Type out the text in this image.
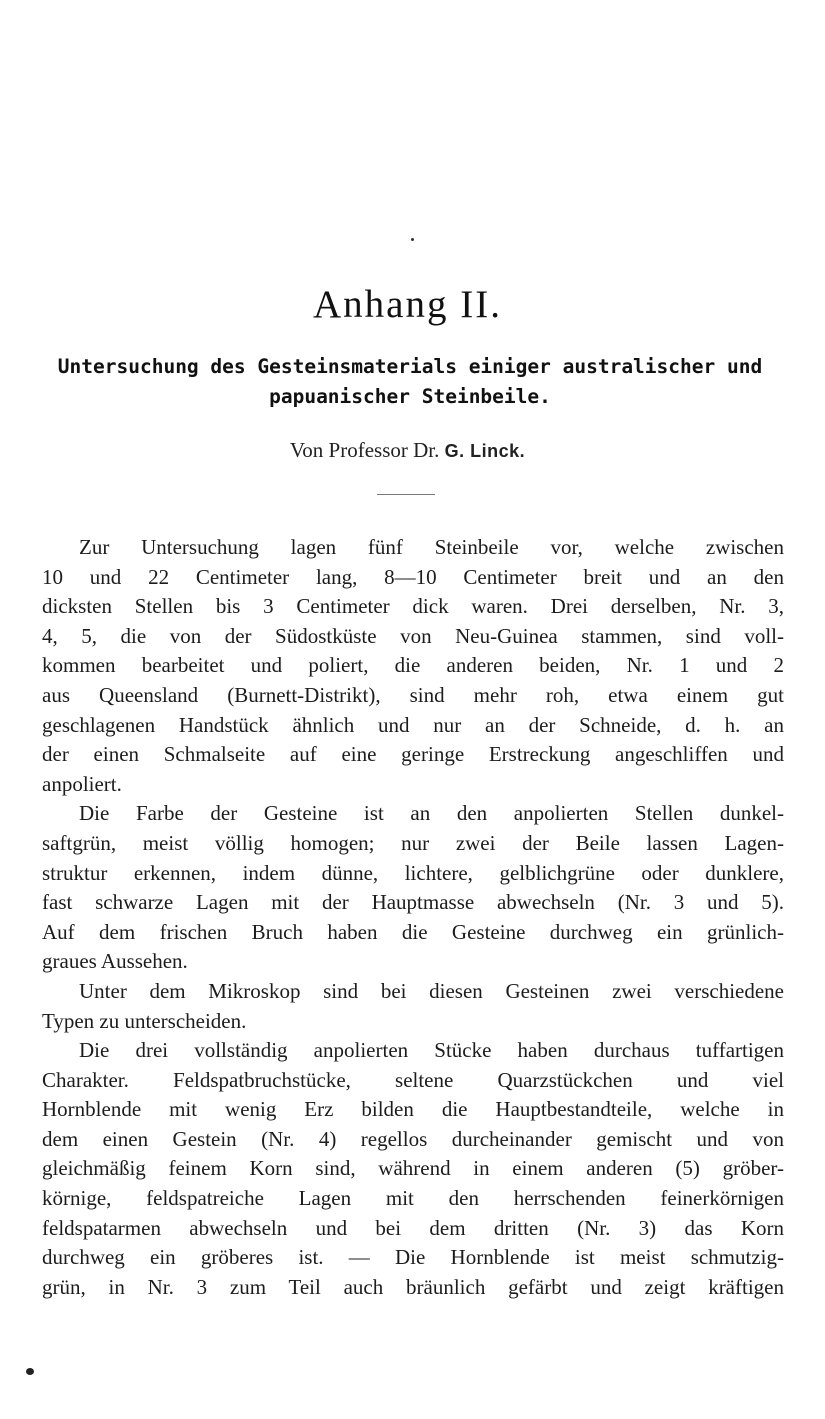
Anhang II.
Untersuchung des Gesteinsmaterials einiger australischer und
papuanischer Steinbeile.
Von Professor Dr. G. Linck.
Zur Untersuchung lagen fünf Steinbeile vor, welche zwischen
10 und 22 Centimeter lang, 8—10 Centimeter breit und an den
dicksten Stellen bis 3 Centimeter dick waren. Drei derselben, Nr. 3,
4, 5, die von der Südostküste von Neu-Guinea stammen, sind voll-
kommen bearbeitet und poliert, die anderen beiden, Nr. 1 und 2
aus Queensland (Burnett-Distrikt), sind mehr roh, etwa einem gut
geschlagenen Handstück ähnlich und nur an der Schneide, d. h. an
der einen Schmalseite auf eine geringe Erstreckung angeschliffen und
anpoliert.
Die Farbe der Gesteine ist an den anpolierten Stellen dunkel-
saftgrün, meist völlig homogen; nur zwei der Beile lassen Lagen-
struktur erkennen, indem dünne, lichtere, gelblichgrüne oder dunklere,
fast schwarze Lagen mit der Hauptmasse abwechseln (Nr. 3 und 5).
Auf dem frischen Bruch haben die Gesteine durchweg ein grünlich-
graues Aussehen.
Unter dem Mikroskop sind bei diesen Gesteinen zwei verschiedene
Typen zu unterscheiden.
Die drei vollständig anpolierten Stücke haben durchaus tuffartigen
Charakter. Feldspatbruchstücke, seltene Quarzstückchen und viel
Hornblende mit wenig Erz bilden die Hauptbestandteile, welche in
dem einen Gestein (Nr. 4) regellos durcheinander gemischt und von
gleichmäßig feinem Korn sind, während in einem anderen (5) gröber-
körnige, feldspatreiche Lagen mit den herrschenden feinerkörnigen
feldspatarmen abwechseln und bei dem dritten (Nr. 3) das Korn
durchweg ein gröberes ist. — Die Hornblende ist meist schmutzig-
grün, in Nr. 3 zum Teil auch bräunlich gefärbt und zeigt kräftigen
